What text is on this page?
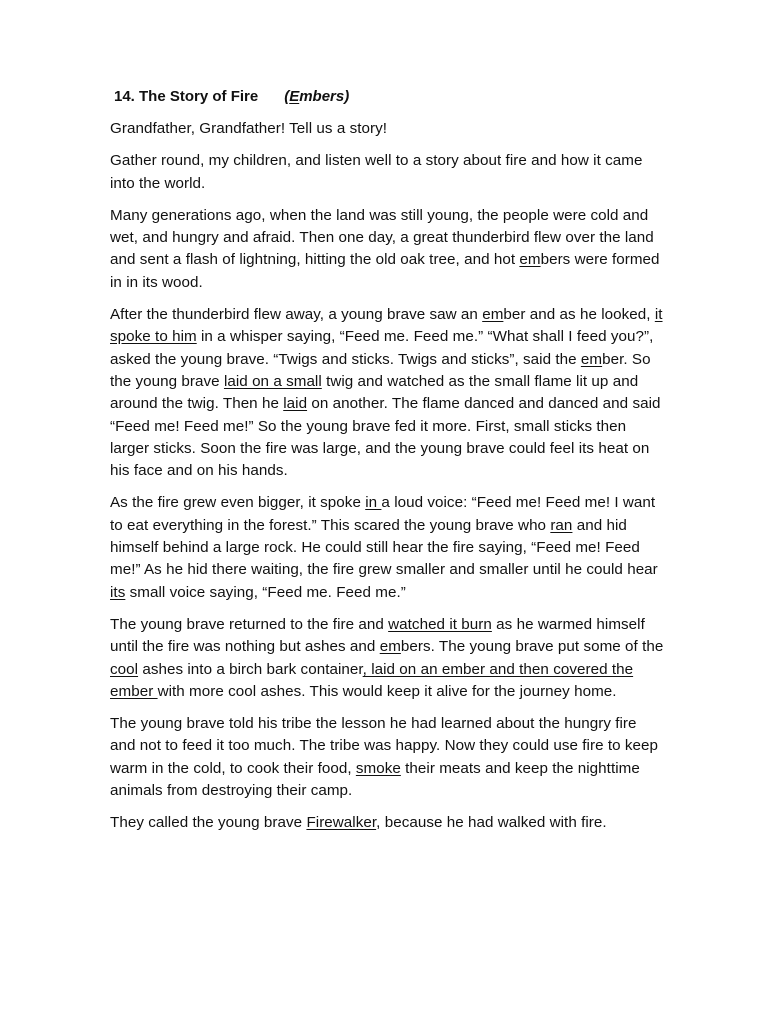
14. The Story of Fire (Embers)

Grandfather, Grandfather! Tell us a story!

Gather round, my children, and listen well to a story about fire and how it came into the world.

Many generations ago, when the land was still young, the people were cold and wet, and hungry and afraid. Then one day, a great thunderbird flew over the land and sent a flash of lightning, hitting the old oak tree, and hot embers were formed in in its wood.

After the thunderbird flew away, a young brave saw an ember and as he looked, it spoke to him in a whisper saying, “Feed me. Feed me.” “What shall I feed you?”, asked the young brave. “Twigs and sticks. Twigs and sticks”, said the ember. So the young brave laid on a small twig and watched as the small flame lit up and around the twig. Then he laid on another. The flame danced and danced and said “Feed me! Feed me!” So the young brave fed it more. First, small sticks then larger sticks. Soon the fire was large, and the young brave could feel its heat on his face and on his hands.

As the fire grew even bigger, it spoke in a loud voice: “Feed me! Feed me! I want to eat everything in the forest.” This scared the young brave who ran and hid himself behind a large rock. He could still hear the fire saying, “Feed me! Feed me!” As he hid there waiting, the fire grew smaller and smaller until he could hear its small voice saying, “Feed me. Feed me.”

The young brave returned to the fire and watched it burn as he warmed himself until the fire was nothing but ashes and embers. The young brave put some of the cool ashes into a birch bark container, laid on an ember and then covered the ember with more cool ashes. This would keep it alive for the journey home.

The young brave told his tribe the lesson he had learned about the hungry fire and not to feed it too much. The tribe was happy. Now they could use fire to keep warm in the cold, to cook their food, smoke their meats and keep the nighttime animals from destroying their camp.

They called the young brave Firewalker, because he had walked with fire.
